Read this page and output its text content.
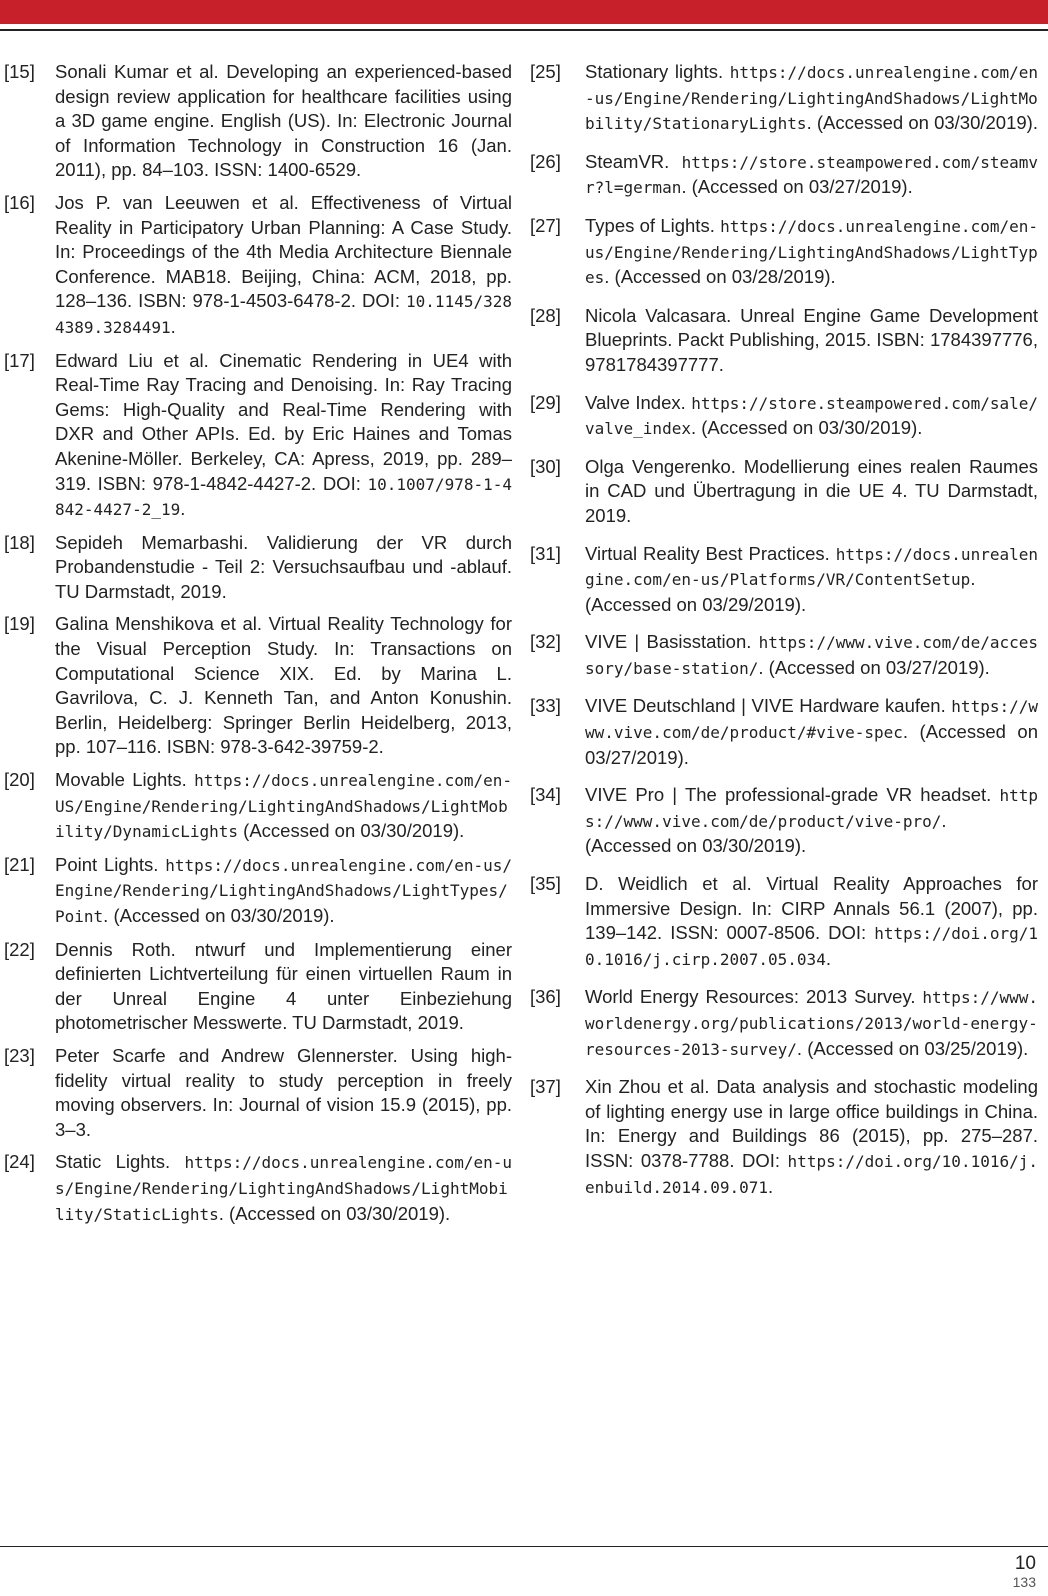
[15] Sonali Kumar et al. Developing an experienced-based design review application for healthcare facilities using a 3D game engine. English (US). In: Electronic Journal of Information Technology in Construction 16 (Jan. 2011), pp. 84–103. ISSN: 1400-6529.
[16] Jos P. van Leeuwen et al. Effectiveness of Virtual Reality in Participatory Urban Planning: A Case Study. In: Proceedings of the 4th Media Architecture Biennale Conference. MAB18. Beijing, China: ACM, 2018, pp. 128–136. ISBN: 978-1-4503-6478-2. DOI: 10.1145/3284389.3284491.
[17] Edward Liu et al. Cinematic Rendering in UE4 with Real-Time Ray Tracing and Denoising. In: Ray Tracing Gems: High-Quality and Real-Time Rendering with DXR and Other APIs. Ed. by Eric Haines and Tomas Akenine-Möller. Berkeley, CA: Apress, 2019, pp. 289–319. ISBN: 978-1-4842-4427-2. DOI: 10.1007/978-1-4842-4427-2_19.
[18] Sepideh Memarbashi. Validierung der VR durch Probandenstudie - Teil 2: Versuchsaufbau und -ablauf. TU Darmstadt, 2019.
[19] Galina Menshikova et al. Virtual Reality Technology for the Visual Perception Study. In: Transactions on Computational Science XIX. Ed. by Marina L. Gavrilova, C. J. Kenneth Tan, and Anton Konushin. Berlin, Heidelberg: Springer Berlin Heidelberg, 2013, pp. 107–116. ISBN: 978-3-642-39759-2.
[20] Movable Lights. https://docs.unrealengine.com/en-US/Engine/Rendering/LightingAndShadows/LightMobility/DynamicLights (Accessed on 03/30/2019).
[21] Point Lights. https://docs.unrealengine.com/en-us/Engine/Rendering/LightingAndShadows/LightTypes/Point. (Accessed on 03/30/2019).
[22] Dennis Roth. ntwurf und Implementierung einer definierten Lichtverteilung für einen virtuellen Raum in der Unreal Engine 4 unter Einbeziehung photometrischer Messwerte. TU Darmstadt, 2019.
[23] Peter Scarfe and Andrew Glennerster. Using high-fidelity virtual reality to study perception in freely moving observers. In: Journal of vision 15.9 (2015), pp. 3–3.
[24] Static Lights. https://docs.unrealengine.com/en-us/Engine/Rendering/LightingAndShadows/LightMobility/StaticLights. (Accessed on 03/30/2019).
[25] Stationary lights. https://docs.unrealengine.com/en-us/Engine/Rendering/LightingAndShadows/LightMobility/StationaryLights. (Accessed on 03/30/2019).
[26] SteamVR. https://store.steampowered.com/steamvr?l=german. (Accessed on 03/27/2019).
[27] Types of Lights. https://docs.unrealengine.com/en-us/Engine/Rendering/LightingAndShadows/LightTypes. (Accessed on 03/28/2019).
[28] Nicola Valcasara. Unreal Engine Game Development Blueprints. Packt Publishing, 2015. ISBN: 1784397776, 9781784397777.
[29] Valve Index. https://store.steampowered.com/sale/valve_index. (Accessed on 03/30/2019).
[30] Olga Vengerenko. Modellierung eines realen Raumes in CAD und Übertragung in die UE 4. TU Darmstadt, 2019.
[31] Virtual Reality Best Practices. https://docs.unrealengine.com/en-us/Platforms/VR/ContentSetup. (Accessed on 03/29/2019).
[32] VIVE | Basisstation. https://www.vive.com/de/accessory/base-station/. (Accessed on 03/27/2019).
[33] VIVE Deutschland | VIVE Hardware kaufen. https://www.vive.com/de/product/#vive-spec. (Accessed on 03/27/2019).
[34] VIVE Pro | The professional-grade VR headset. https://www.vive.com/de/product/vive-pro/. (Accessed on 03/30/2019).
[35] D. Weidlich et al. Virtual Reality Approaches for Immersive Design. In: CIRP Annals 56.1 (2007), pp. 139–142. ISSN: 0007-8506. DOI: https://doi.org/10.1016/j.cirp.2007.05.034.
[36] World Energy Resources: 2013 Survey. https://www.worldenergy.org/publications/2013/world-energy-resources-2013-survey/. (Accessed on 03/25/2019).
[37] Xin Zhou et al. Data analysis and stochastic modeling of lighting energy use in large office buildings in China. In: Energy and Buildings 86 (2015), pp. 275–287. ISSN: 0378-7788. DOI: https://doi.org/10.1016/j.enbuild.2014.09.071.
10
133
